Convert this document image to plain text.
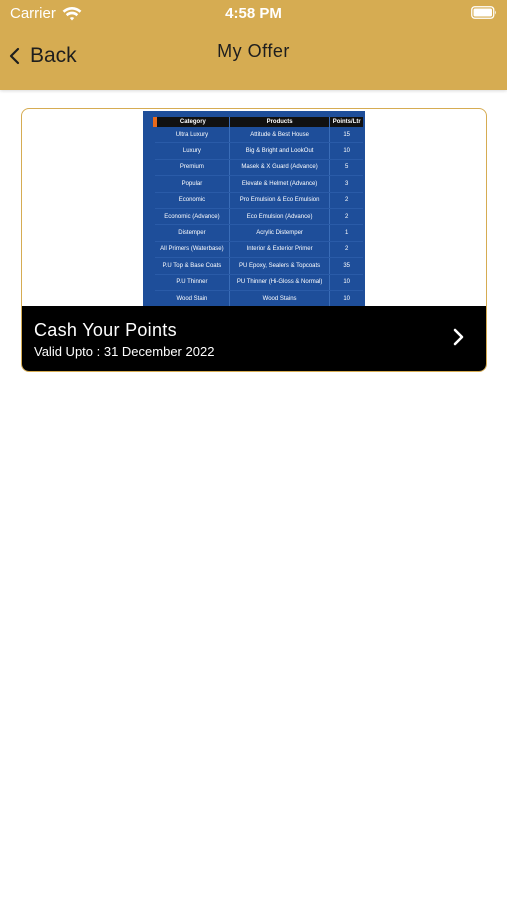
Carrier	4:58 PM
Back	My Offer
Category	Products	Points/Ltr
Ultra Luxury	Attitude & Best House	15
Luxury	Big & Bright and LookOut	10
Premium	Masek & X Guard (Advance)	5
Popular	Elevate & Helmet (Advance)	3
Economic	Pro Emulsion & Eco Emulsion	2
Economic (Advance)	Eco Emulsion (Advance)	2
Distemper	Acrylic Distemper	1
All Primers (Waterbase)	Interior & Exterior Primer	2
P.U Top & Base Coats	PU Epoxy, Sealers & Topcoats	35
P.U Thinner	PU Thinner (Hi-Gloss & Normal)	10
Wood Stain	Wood Stains	10
Cash Your Points
Valid Upto : 31 December 2022
